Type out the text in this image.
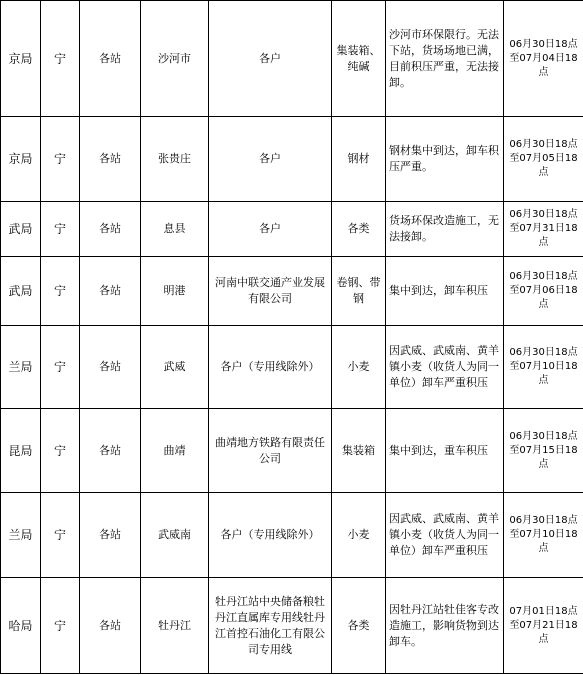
京局	宁	各站	沙河市	各户	集装箱、纯碱	沙河市环保限行。无法下站，货场场地已满，目前积压严重，无法接卸。	06月30日18点至07月04日18点
京局	宁	各站	张贵庄	各户	钢材	钢材集中到达，卸车积压严重。	06月30日18点至07月05日18点
武局	宁	各站	息县	各户	各类	货场环保改造施工，无法接卸。	06月30日18点至07月31日18点
武局	宁	各站	明港	河南中联交通产业发展有限公司	卷钢、带钢	集中到达，卸车积压	06月30日18点至07月06日18点
兰局	宁	各站	武威	各户（专用线除外）	小麦	因武威、武威南、黄羊镇小麦（收货人为同一单位）卸车严重积压	06月30日18点至07月10日18点
昆局	宁	各站	曲靖	曲靖地方铁路有限责任公司	集装箱	集中到达，重车积压	06月30日18点至07月15日18点
兰局	宁	各站	武威南	各户（专用线除外）	小麦	因武威、武威南、黄羊镇小麦（收货人为同一单位）卸车严重积压	06月30日18点至07月10日18点
哈局	宁	各站	牡丹江	牡丹江站中央储备粮牡丹江直属库专用线牡丹江首控石油化工有限公司专用线	各类	因牡丹江站牡佳客专改造施工，影响货物到达卸车。	07月01日18点至07月21日18点
